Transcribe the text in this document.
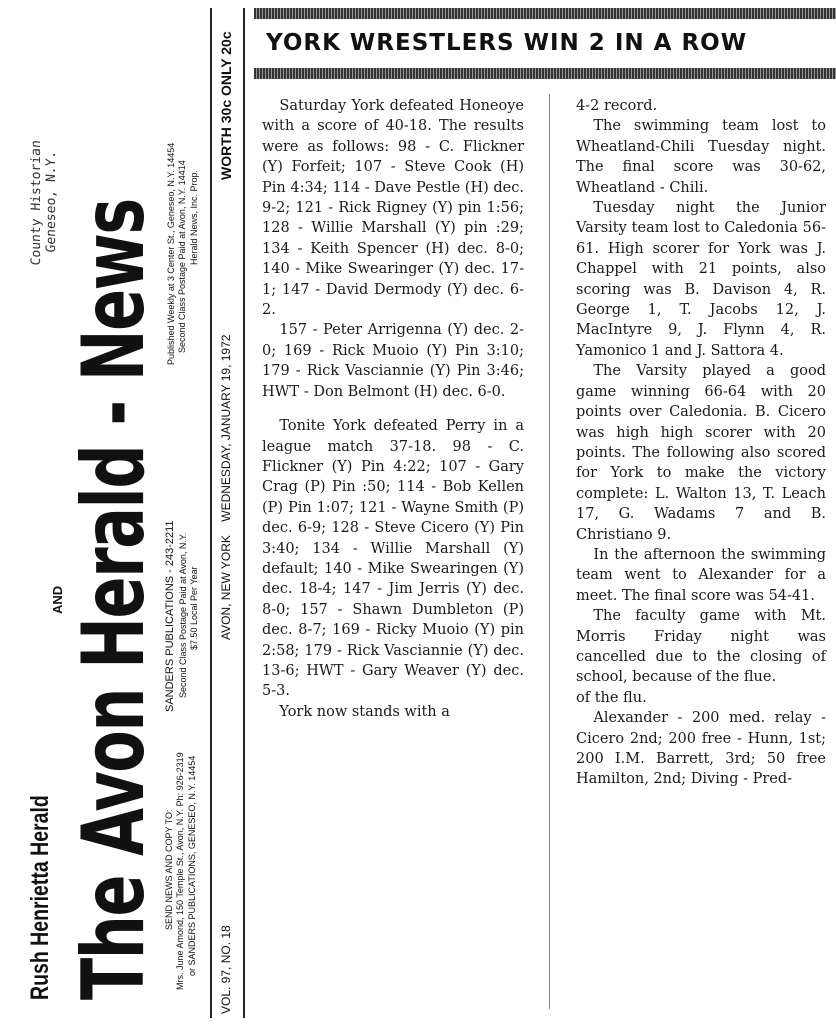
County Historian Geneseo, N.Y.
Rush Henrietta Herald
AND The Avon Herald - News Published Weekly at 3 Center St., Geneseo, N.Y. 14454 Second Class Postage Paid at Avon, N.Y. 14414 Herald News, Inc. Prop.
SANDERS PUBLICATIONS - 243-2211 Second Class Postage Paid at Avon, N.Y. $7.50 Local Per Year
SEND NEWS AND COPY TO: Mrs. June Amond, 150 Temple St., Avon, N.Y. Ph: 926-2319 or SANDERS PUBLICATIONS, GENESEO, N.Y. 14454 VOL. 97, NO. 18
AVON, NEW YORK    WEDNESDAY, JANUARY 19, 1972
WORTH 30c ONLY 20c YORK WRESTLERS WIN 2 IN A ROW

Saturday York defeated Honeoye with a score of 40-18. The results were as follows: 98 - C. Flickner (Y) Forfeit; 107 - Steve Cook (H) Pin 4:34; 114 - Dave Pestle (H) dec. 9-2; 121 - Rick Rigney (Y) pin 1:56; 128 - Willie Marshall (Y) pin :29; 134 - Keith Spencer (H) dec. 8-0; 140 - Mike Swearinger (Y) dec. 17-1; 147 - David Dermody (Y) dec. 6-2.

157 - Peter Arrigenna (Y) dec. 2-0; 169 - Rick Muoio (Y) Pin 3:10; 179 - Rick Vasciannie (Y) Pin 3:46; HWT - Don Belmont (H) dec. 6-0.

Tonite York defeated Perry in a league match 37-18. 98 - C. Flickner (Y) Pin 4:22; 107 - Gary Crag (P) Pin :50; 114 - Bob Kellen (P) Pin 1:07; 121 - Wayne Smith (P) dec. 6-9; 128 - Steve Cicero (Y) Pin 3:40; 134 - Willie Marshall (Y) default; 140 - Mike Swearingen (Y) dec. 18-4; 147 - Jim Jerris (Y) dec. 8-0; 157 - Shawn Dumbleton (P) dec. 8-7; 169 - Ricky Muoio (Y) pin 2:58; 179 - Rick Vasciannie (Y) dec. 13-6; HWT - Gary Weaver (Y) dec. 5-3.

York now stands with a

4-2 record.

The swimming team lost to Wheatland-Chili Tuesday night. The final score was 30-62, Wheatland - Chili.

Tuesday night the Junior Varsity team lost to Caledonia 56-61. High scorer for York was J. Chappel with 21 points, also scoring was B. Davison 4, R. George 1, T. Jacobs 12, J. MacIntyre 9, J. Flynn 4, R. Yamonico 1 and J. Sattora 4.

The Varsity played a good game winning 66-64 with 20 points over Caledonia. B. Cicero was high high scorer with 20 points. The following also scored for York to make the victory complete: L. Walton 13, T. Leach 17, G. Wadams 7 and B. Christiano 9.

In the afternoon the swimming team went to Alexander for a meet. The final score was 54-41.

The faculty game with Mt. Morris Friday night was cancelled due to the closing of school, because of the flue.

of the flu.

Alexander - 200 med. relay - Cicero 2nd; 200 free - Hunn, 1st; 200 I.M. Barrett, 3rd; 50 free Hamilton, 2nd; Diving - Pred-
